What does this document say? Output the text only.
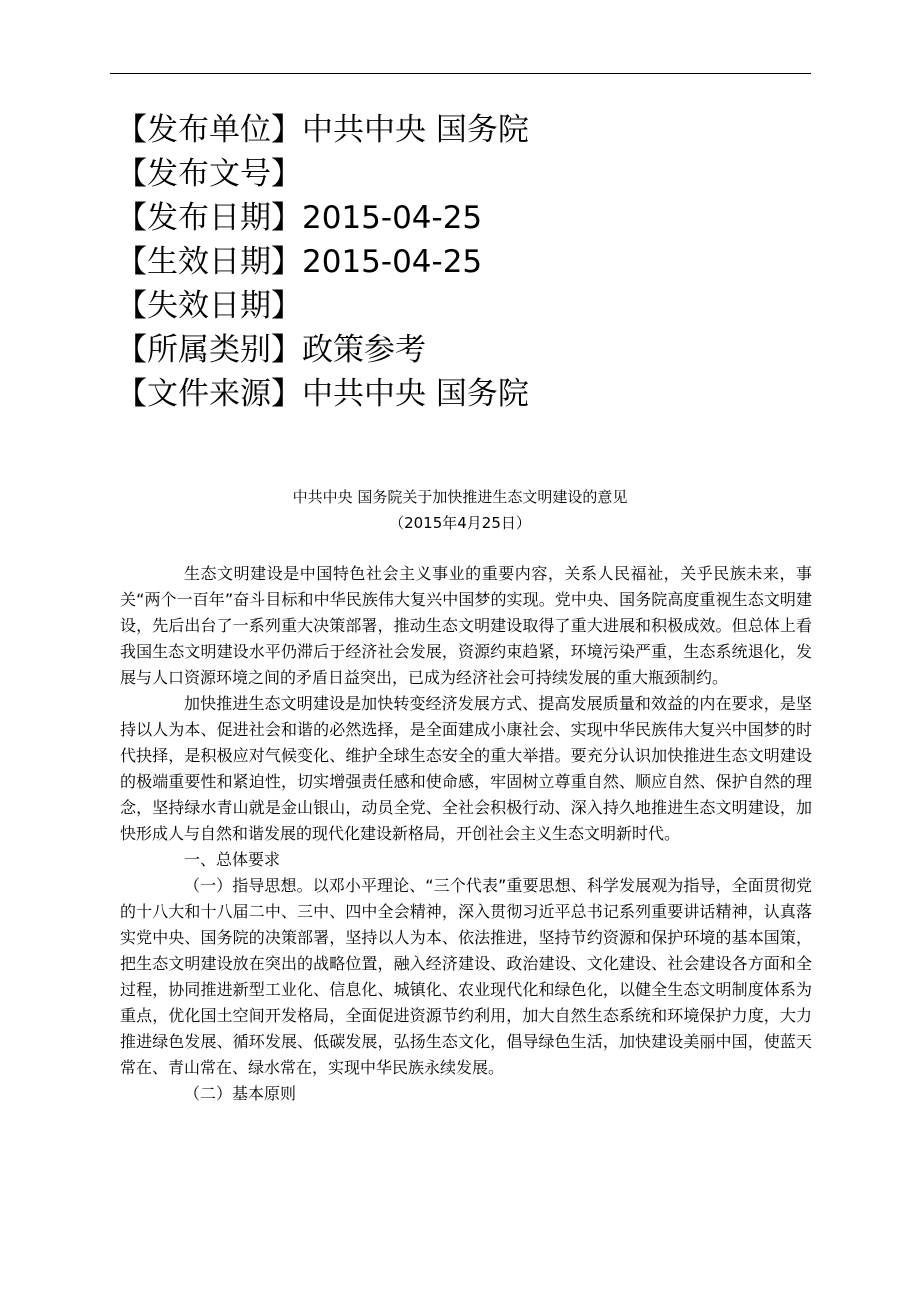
【发布单位】中共中央 国务院
【发布文号】
【发布日期】2015-04-25
【生效日期】2015-04-25
【失效日期】
【所属类别】政策参考
【文件来源】中共中央 国务院
中共中央 国务院关于加快推进生态文明建设的意见
（2015年4月25日）

生态文明建设是中国特色社会主义事业的重要内容，关系人民福祉，关乎民族未来，事关“两个一百年”奋斗目标和中华民族伟大复兴中国梦的实现。党中央、国务院高度重视生态文明建设，先后出台了一系列重大决策部署，推动生态文明建设取得了重大进展和积极成效。但总体上看我国生态文明建设水平仍滞后于经济社会发展，资源约束趋紧，环境污染严重，生态系统退化，发展与人口资源环境之间的矛盾日益突出，已成为经济社会可持续发展的重大瓶颈制约。

加快推进生态文明建设是加快转变经济发展方式、提高发展质量和效益的内在要求，是坚持以人为本、促进社会和谐的必然选择，是全面建成小康社会、实现中华民族伟大复兴中国梦的时代抉择，是积极应对气候变化、维护全球生态安全的重大举措。要充分认识加快推进生态文明建设的极端重要性和紧迫性，切实增强责任感和使命感，牢固树立尊重自然、顺应自然、保护自然的理念，坚持绿水青山就是金山银山，动员全党、全社会积极行动、深入持久地推进生态文明建设，加快形成人与自然和谐发展的现代化建设新格局，开创社会主义生态文明新时代。

一、总体要求

（一）指导思想。以邓小平理论、“三个代表”重要思想、科学发展观为指导，全面贯彻党的十八大和十八届二中、三中、四中全会精神，深入贯彻习近平总书记系列重要讲话精神，认真落实党中央、国务院的决策部署，坚持以人为本、依法推进，坚持节约资源和保护环境的基本国策，把生态文明建设放在突出的战略位置，融入经济建设、政治建设、文化建设、社会建设各方面和全过程，协同推进新型工业化、信息化、城镇化、农业现代化和绿色化，以健全生态文明制度体系为重点，优化国土空间开发格局，全面促进资源节约利用，加大自然生态系统和环境保护力度，大力推进绿色发展、循环发展、低碳发展，弘扬生态文化，倡导绿色生活，加快建设美丽中国，使蓝天常在、青山常在、绿水常在，实现中华民族永续发展。

（二）基本原则
